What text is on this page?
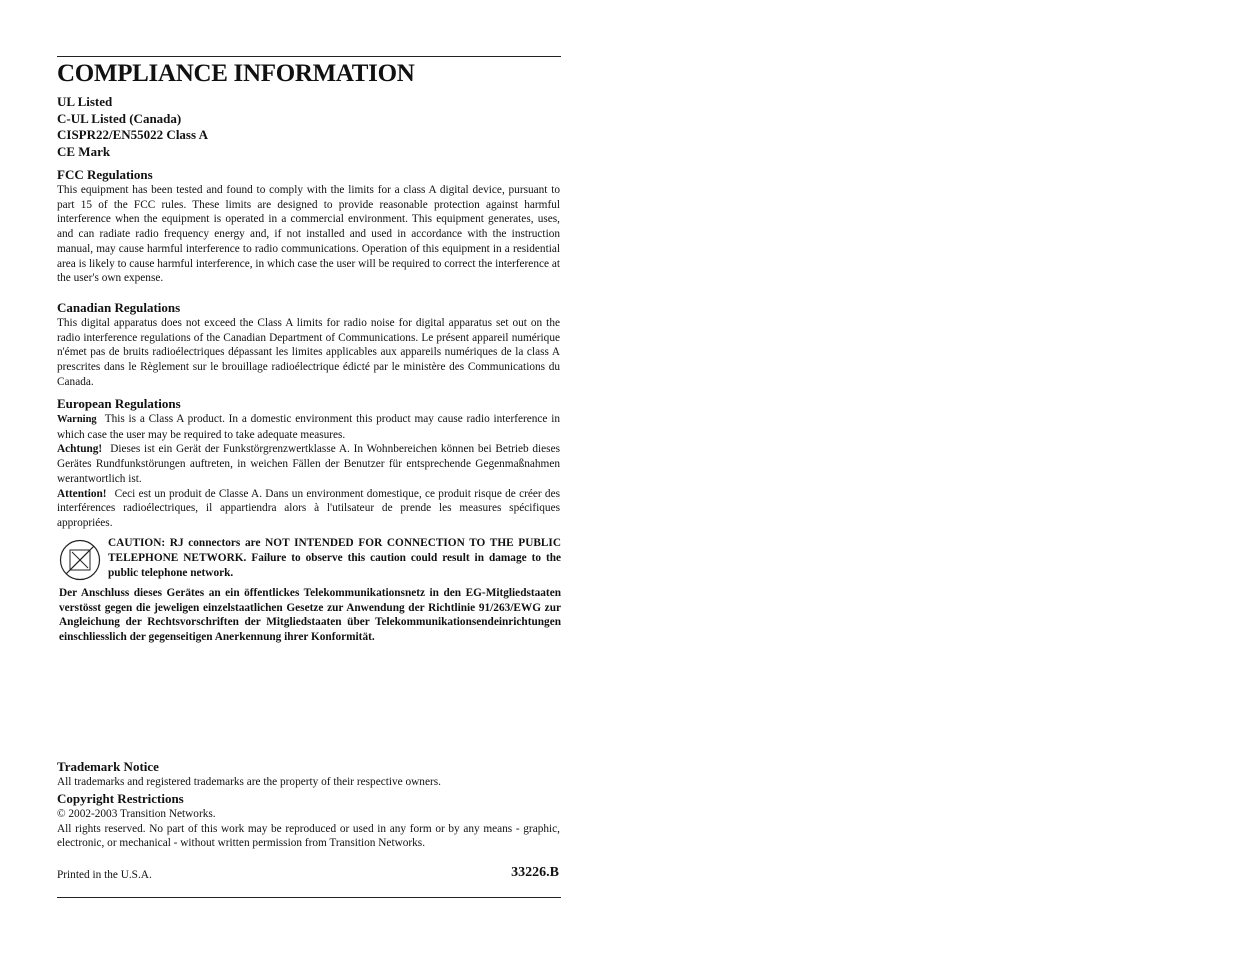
COMPLIANCE INFORMATION
UL Listed
C-UL Listed (Canada)
CISPR22/EN55022 Class A
CE Mark
FCC Regulations
This equipment has been tested and found to comply with the limits for a class A digital device, pursuant to part 15 of the FCC rules. These limits are designed to provide reasonable protection against harmful interference when the equipment is operated in a commercial environment. This equipment generates, uses, and can radiate radio frequency energy and, if not installed and used in accordance with the instruction manual, may cause harmful interference to radio communications. Operation of this equipment in a residential area is likely to cause harmful interference, in which case the user will be required to correct the interference at the user's own expense.
Canadian Regulations
This digital apparatus does not exceed the Class A limits for radio noise for digital apparatus set out on the radio interference regulations of the Canadian Department of Communications. Le présent appareil numérique n'émet pas de bruits radioélectriques dépassant les limites applicables aux appareils numériques de la class A prescrites dans le Règlement sur le brouillage radioélectrique édicté par le ministère des Communications du Canada.
European Regulations
Warning This is a Class A product. In a domestic environment this product may cause radio interference in which case the user may be required to take adequate measures.
Achtung! Dieses ist ein Gerät der Funkstörgrenzwertklasse A. In Wohnbereichen können bei Betrieb dieses Gerätes Rundfunkstörungen auftreten, in weichen Fällen der Benutzer für entsprechende Gegenmaßnahmen werantwortlich ist.
Attention! Ceci est un produit de Classe A. Dans un environment domestique, ce produit risque de créer des interférences radioélectriques, il appartiendra alors à l'utilsateur de prende les measures spécifiques appropriées.
CAUTION: RJ connectors are NOT INTENDED FOR CONNECTION TO THE PUBLIC TELEPHONE NETWORK. Failure to observe this caution could result in damage to the public telephone network.
Der Anschluss dieses Gerätes an ein öffentlickes Telekommunikationsnetz in den EG-Mitgliedstaaten verstösst gegen die jeweligen einzelstaatlichen Gesetze zur Anwendung der Richtlinie 91/263/EWG zur Angleichung der Rechtsvorschriften der Mitgliedstaaten über Telekommunikationsendeinrichtungen einschliesslich der gegenseitigen Anerkennung ihrer Konformität.
Trademark Notice
All trademarks and registered trademarks are the property of their respective owners.
Copyright Restrictions
© 2002-2003 Transition Networks.
All rights reserved. No part of this work may be reproduced or used in any form or by any means - graphic, electronic, or mechanical - without written permission from Transition Networks.
Printed in the U.S.A.	33226.B
